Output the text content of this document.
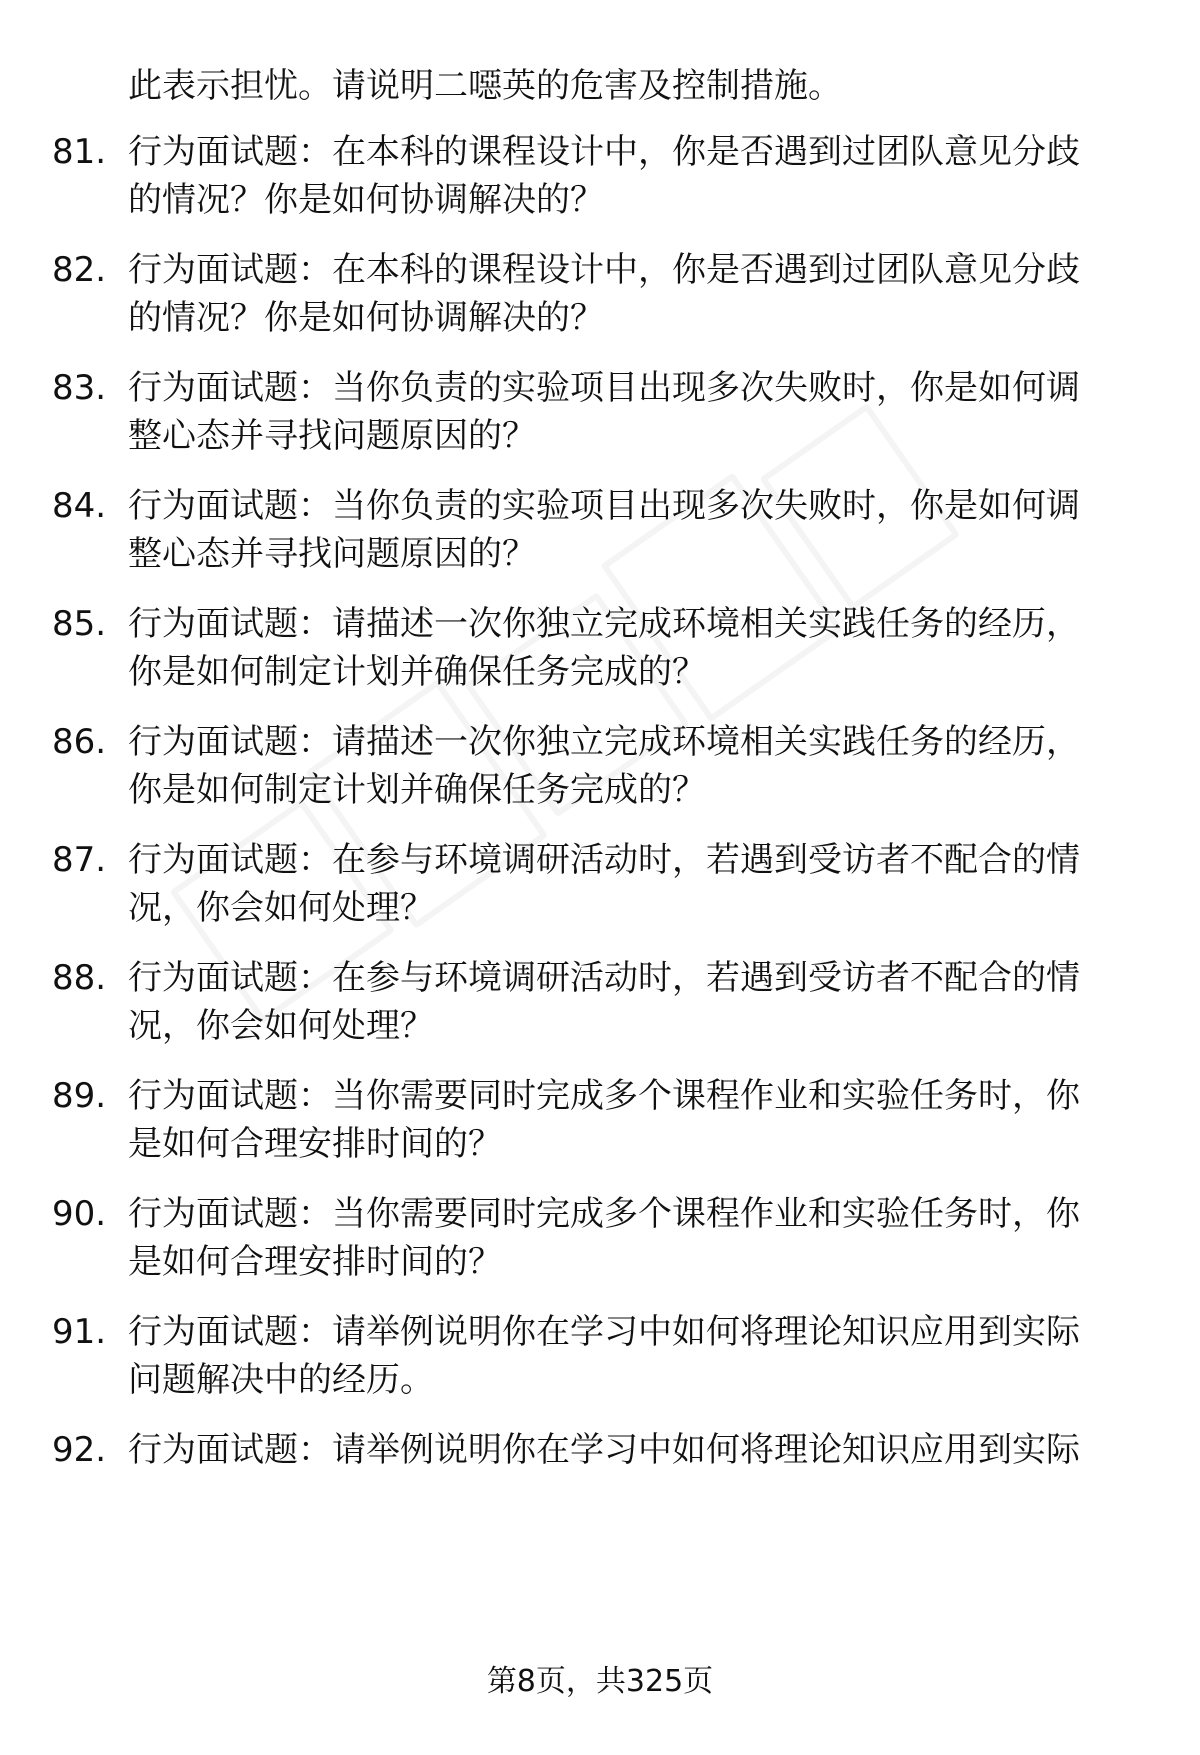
此表示担忧。请说明二噁英的危害及控制措施。
81. 行为面试题：在本科的课程设计中，你是否遇到过团队意见分歧
的情况？你是如何协调解决的？
82. 行为面试题：在本科的课程设计中，你是否遇到过团队意见分歧
的情况？你是如何协调解决的？
83. 行为面试题：当你负责的实验项目出现多次失败时，你是如何调
整心态并寻找问题原因的？
84. 行为面试题：当你负责的实验项目出现多次失败时，你是如何调
整心态并寻找问题原因的？
85. 行为面试题：请描述一次你独立完成环境相关实践任务的经历，
你是如何制定计划并确保任务完成的？
86. 行为面试题：请描述一次你独立完成环境相关实践任务的经历，
你是如何制定计划并确保任务完成的？
87. 行为面试题：在参与环境调研活动时，若遇到受访者不配合的情
况，你会如何处理？
88. 行为面试题：在参与环境调研活动时，若遇到受访者不配合的情
况，你会如何处理？
89. 行为面试题：当你需要同时完成多个课程作业和实验任务时，你
是如何合理安排时间的？
90. 行为面试题：当你需要同时完成多个课程作业和实验任务时，你
是如何合理安排时间的？
91. 行为面试题：请举例说明你在学习中如何将理论知识应用到实际
问题解决中的经历。
92. 行为面试题：请举例说明你在学习中如何将理论知识应用到实际
第8页，共325页
